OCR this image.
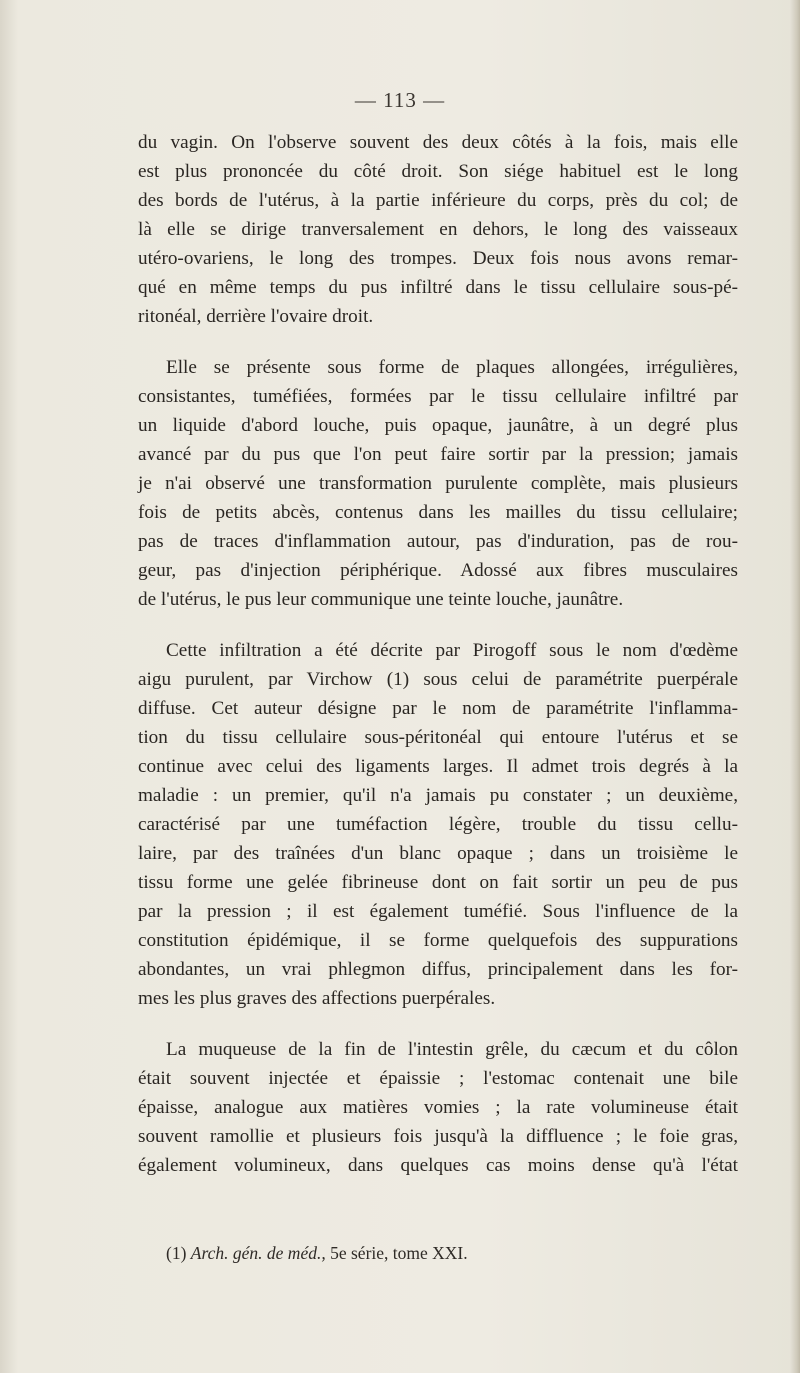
— 113 —
du vagin. On l'observe souvent des deux côtés à la fois, mais elle
est plus prononcée du côté droit. Son siége habituel est le long
des bords de l'utérus, à la partie inférieure du corps, près du col; de
là elle se dirige tranversalement en dehors, le long des vaisseaux
utéro-ovariens, le long des trompes. Deux fois nous avons remar-
qué en même temps du pus infiltré dans le tissu cellulaire sous-pé-
ritonéal, derrière l'ovaire droit.
Elle se présente sous forme de plaques allongées, irrégulières,
consistantes, tuméfiées, formées par le tissu cellulaire infiltré par
un liquide d'abord louche, puis opaque, jaunâtre, à un degré plus
avancé par du pus que l'on peut faire sortir par la pression; jamais
je n'ai observé une transformation purulente complète, mais plusieurs
fois de petits abcès, contenus dans les mailles du tissu cellulaire;
pas de traces d'inflammation autour, pas d'induration, pas de rou-
geur, pas d'injection périphérique. Adossé aux fibres musculaires
de l'utérus, le pus leur communique une teinte louche, jaunâtre.
Cette infiltration a été décrite par Pirogoff sous le nom d'œdème
aigu purulent, par Virchow (1) sous celui de paramétrite puerpérale
diffuse. Cet auteur désigne par le nom de paramétrite l'inflamma-
tion du tissu cellulaire sous-péritonéal qui entoure l'utérus et se
continue avec celui des ligaments larges. Il admet trois degrés à la
maladie : un premier, qu'il n'a jamais pu constater ; un deuxième,
caractérisé par une tuméfaction légère, trouble du tissu cellu-
laire, par des traînées d'un blanc opaque ; dans un troisième le
tissu forme une gelée fibrineuse dont on fait sortir un peu de pus
par la pression ; il est également tuméfié. Sous l'influence de la
constitution épidémique, il se forme quelquefois des suppurations
abondantes, un vrai phlegmon diffus, principalement dans les for-
mes les plus graves des affections puerpérales.
La muqueuse de la fin de l'intestin grêle, du cæcum et du côlon
était souvent injectée et épaissie ; l'estomac contenait une bile
épaisse, analogue aux matières vomies ; la rate volumineuse était
souvent ramollie et plusieurs fois jusqu'à la diffluence ; le foie gras,
également volumineux, dans quelques cas moins dense qu'à l'état
(1) Arch. gén. de méd., 5e série, tome XXI.
